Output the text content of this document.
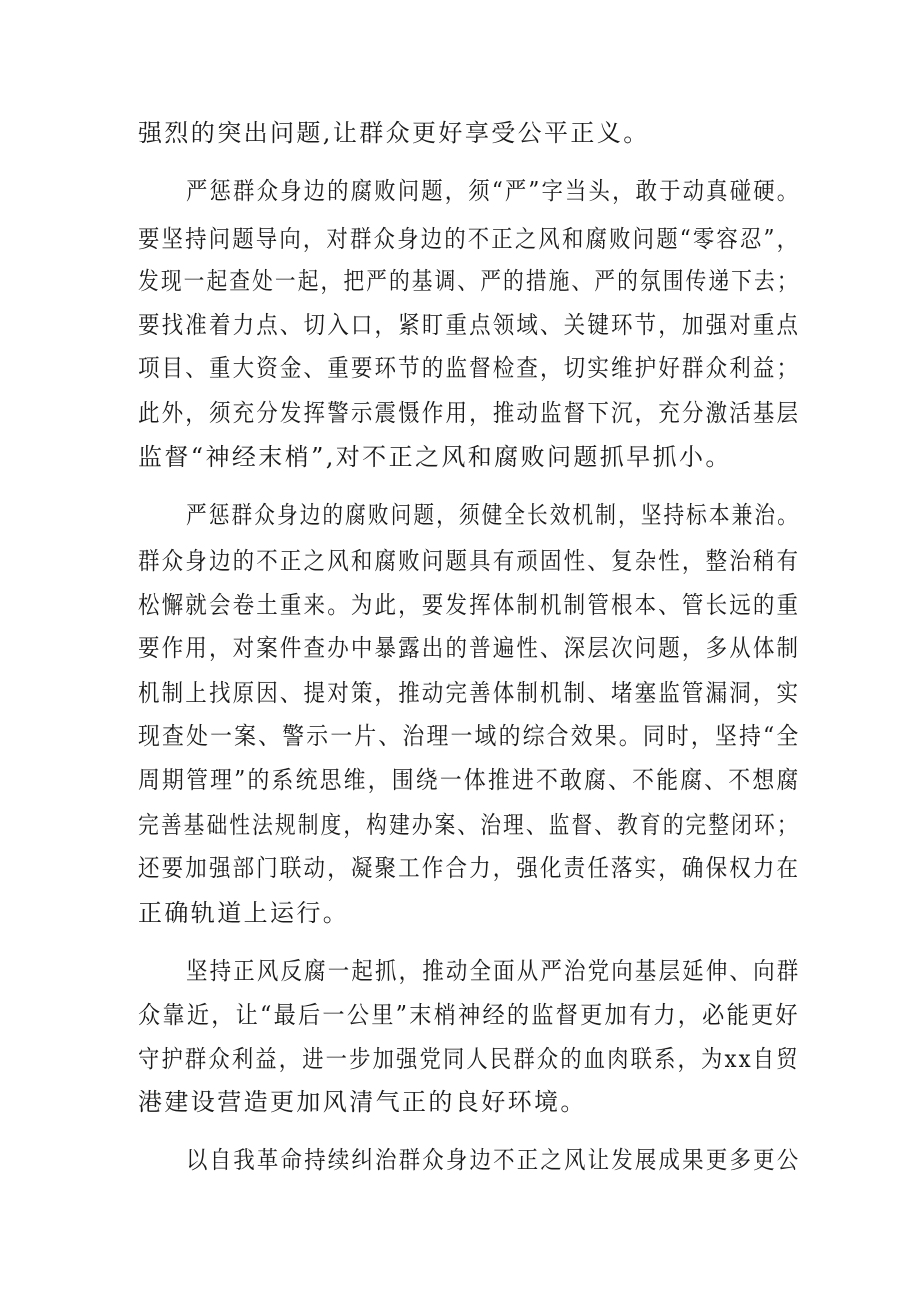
强烈的突出问题,让群众更好享受公平正义。
严惩群众身边的腐败问题，须“严”字当头，敢于动真碰硬。
要坚持问题导向，对群众身边的不正之风和腐败问题“零容忍”，
发现一起查处一起，把严的基调、严的措施、严的氛围传递下去；
要找准着力点、切入口，紧盯重点领域、关键环节，加强对重点
项目、重大资金、重要环节的监督检查，切实维护好群众利益；
此外，须充分发挥警示震慑作用，推动监督下沉，充分激活基层
监督“神经末梢”,对不正之风和腐败问题抓早抓小。
严惩群众身边的腐败问题，须健全长效机制，坚持标本兼治。
群众身边的不正之风和腐败问题具有顽固性、复杂性，整治稍有
松懈就会卷土重来。为此，要发挥体制机制管根本、管长远的重
要作用，对案件查办中暴露出的普遍性、深层次问题，多从体制
机制上找原因、提对策，推动完善体制机制、堵塞监管漏洞，实
现查处一案、警示一片、治理一域的综合效果。同时，坚持“全
周期管理”的系统思维，围绕一体推进不敢腐、不能腐、不想腐
完善基础性法规制度，构建办案、治理、监督、教育的完整闭环；
还要加强部门联动，凝聚工作合力，强化责任落实，确保权力在
正确轨道上运行。
坚持正风反腐一起抓，推动全面从严治党向基层延伸、向群
众靠近，让“最后一公里”末梢神经的监督更加有力，必能更好
守护群众利益，进一步加强党同人民群众的血肉联系，为xx自贸
港建设营造更加风清气正的良好环境。
以自我革命持续纠治群众身边不正之风让发展成果更多更公
